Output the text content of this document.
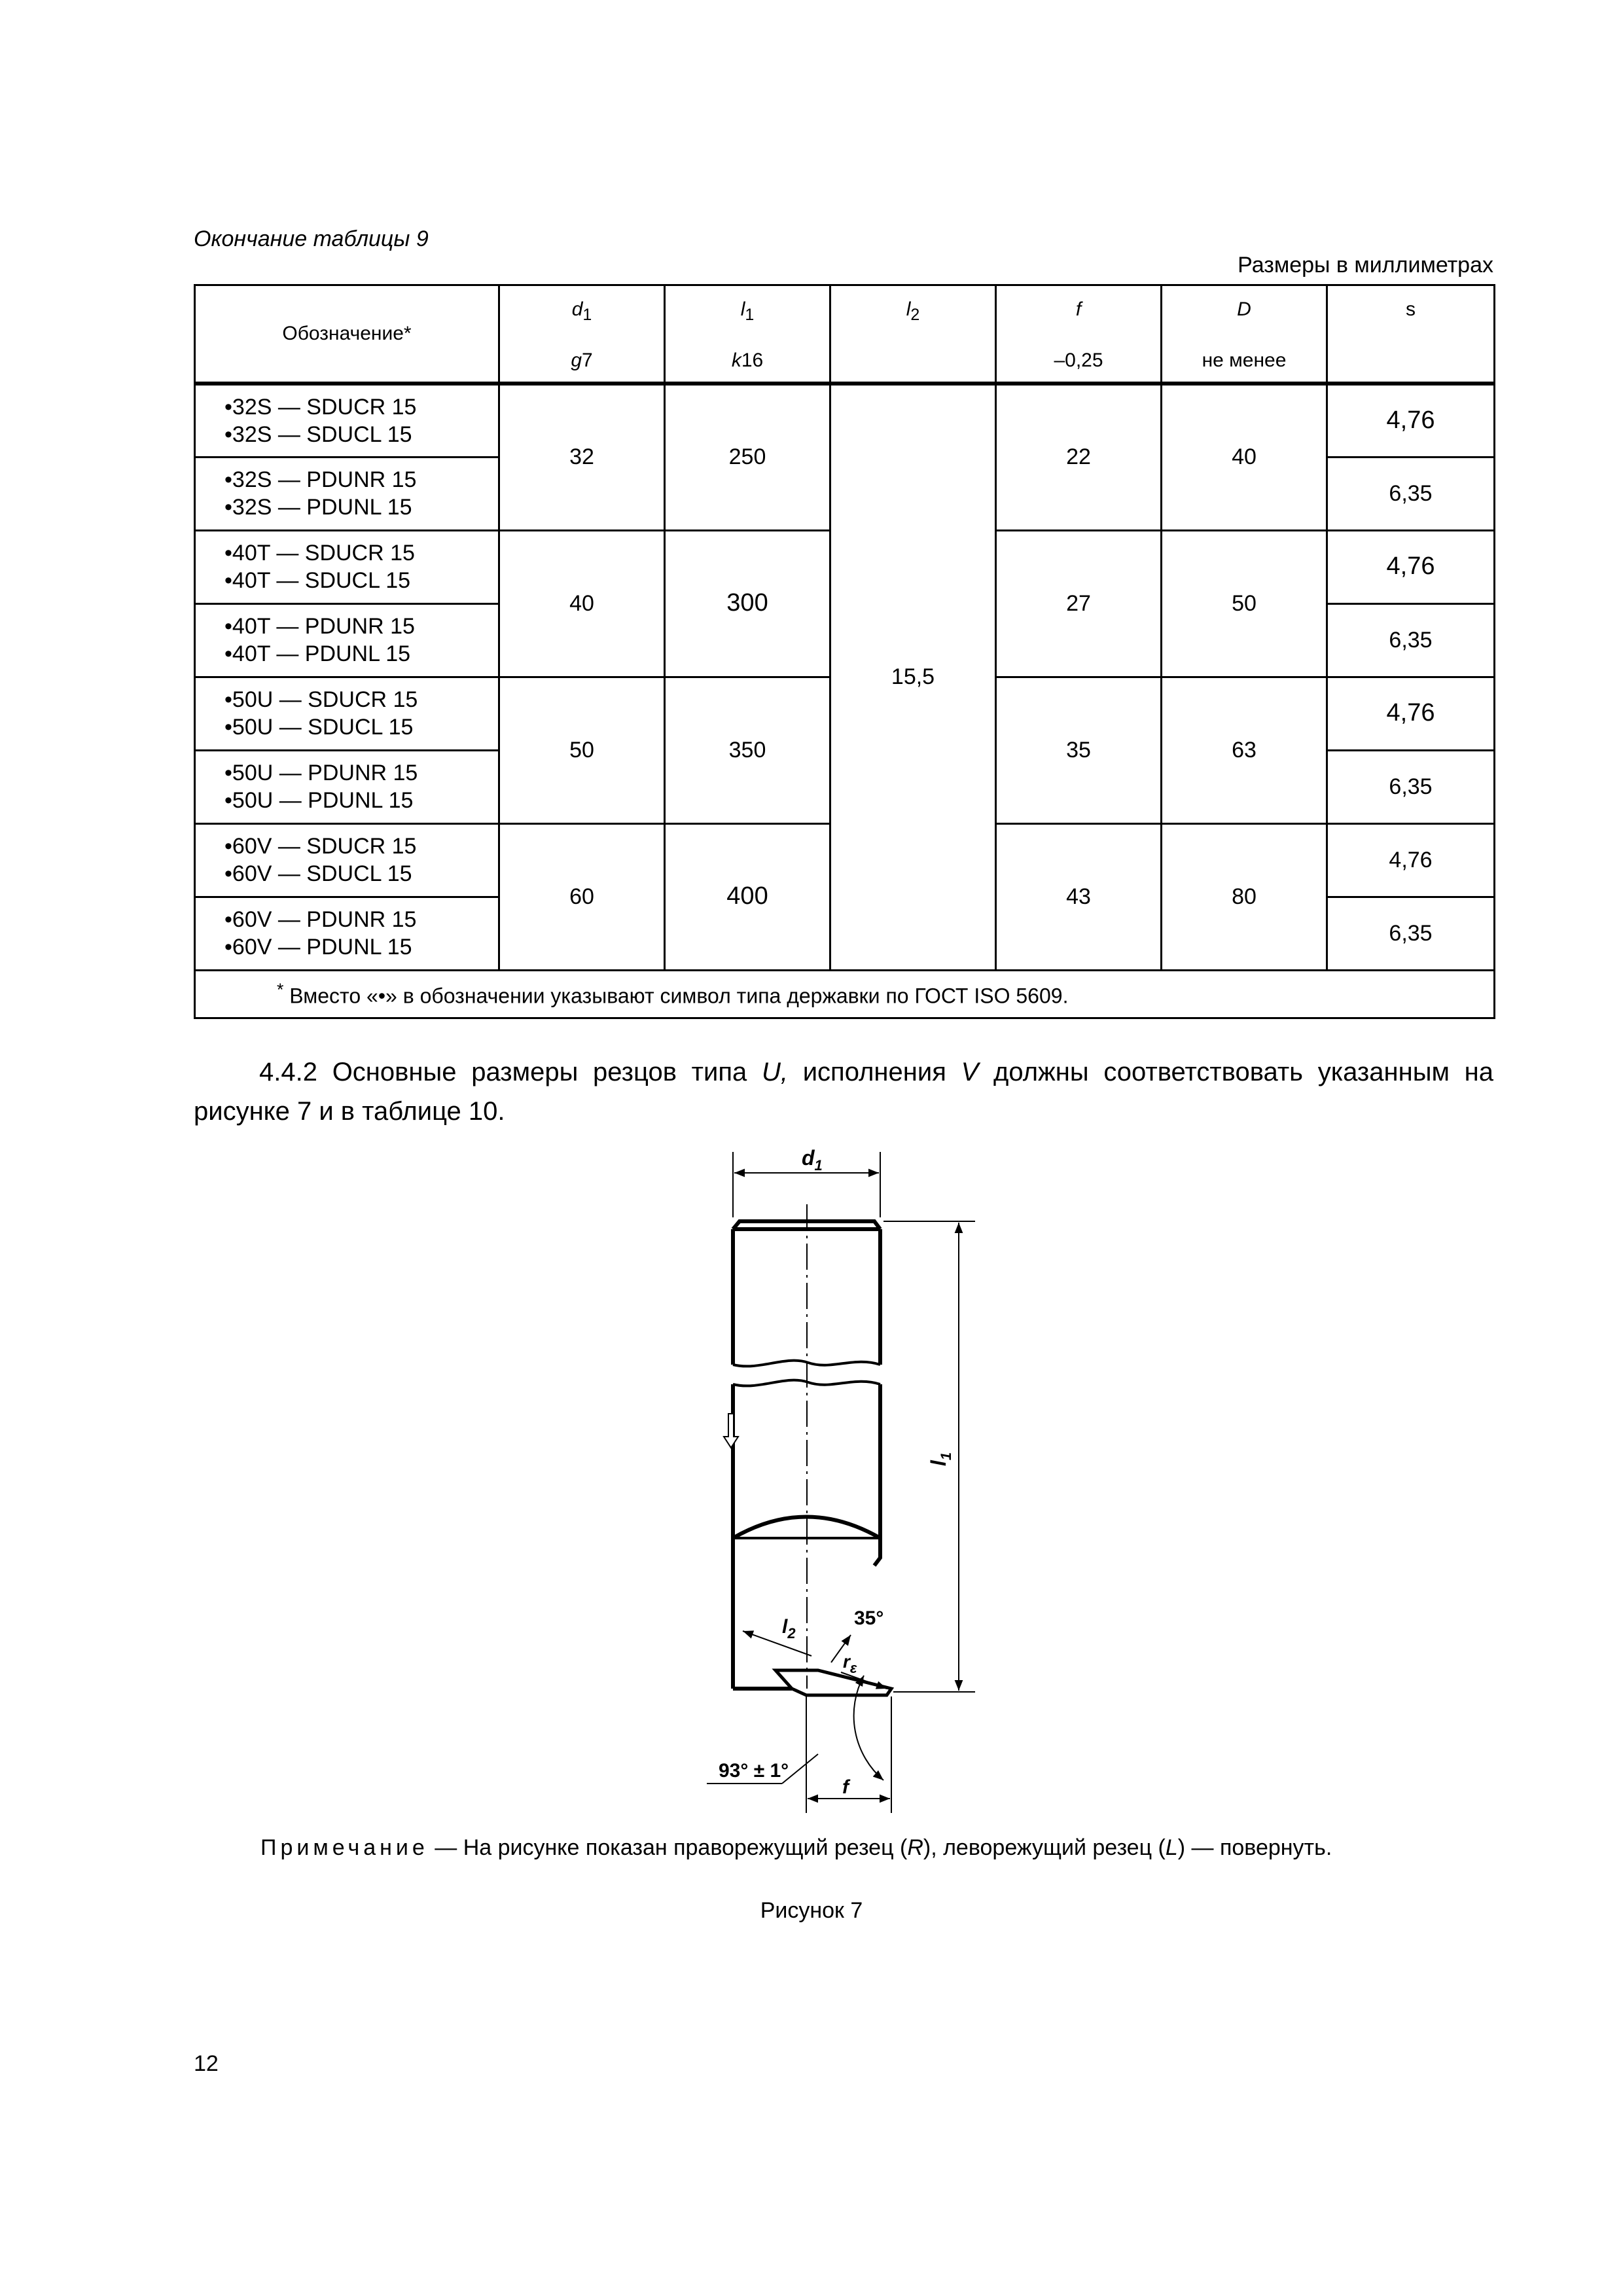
Окончание таблицы 9
Размеры в миллиметрах
Обозначение*	$d_1$	$l_1$	$l_2$	f	D	s
	g7	k16		–0,25	не менее	
•32S — SDUCR 15
•32S — SDUCL 15	32	250	15,5	22	40	4,76
•32S — PDUNR 15
•32S — PDUNL 15						6,35
•40T — SDUCR 15
•40T — SDUCL 15	40	300		27	50	4,76
•40T — PDUNR 15
•40T — PDUNL 15						6,35
•50U — SDUCR 15
•50U — SDUCL 15	50	350		35	63	4,76
•50U — PDUNR 15
•50U — PDUNL 15						6,35
•60V — SDUCR 15
•60V — SDUCL 15	60	400		43	80	4,76
•60V — PDUNR 15
•60V — PDUNL 15						6,35
* Вместо «•» в обозначении указывают символ типа державки по ГОСТ ISO 5609.						
4.4.2 Основные размеры резцов типа U, исполнения V должны соответствовать указанным на рисунке 7 и в таблице 10.
$d_1$
$l_1$
$l_2$
35°
$r_\varepsilon$
f
93° ± 1°
Примечание — На рисунке показан праворежущий резец (R), леворежущий резец (L) — повернуть.
Рисунок 7
12
